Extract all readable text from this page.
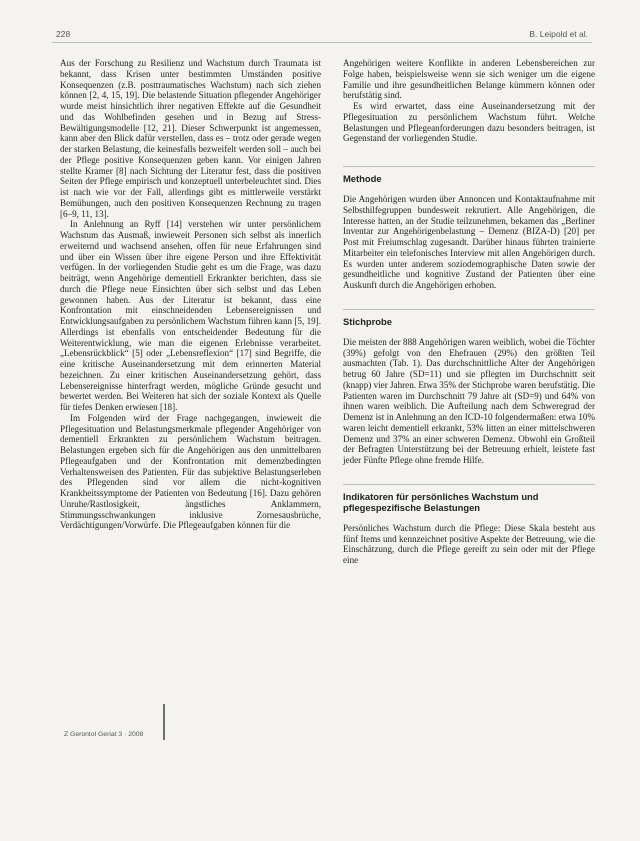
228	B. Leipold et al.

Aus der Forschung zu Resilienz und Wachstum durch Traumata ist bekannt, dass Krisen unter bestimmten Umständen positive Konsequenzen (z.B. posttraumatisches Wachstum) nach sich ziehen können [2, 4, 15, 19]. Die belastende Situation pflegender Angehöriger wurde meist hinsichtlich ihrer negativen Effekte auf die Gesundheit und das Wohlbefinden gesehen und in Bezug auf Stress-Bewältigungsmodelle [12, 21]. Dieser Schwerpunkt ist angemessen, kann aber den Blick dafür verstellen, dass es – trotz oder gerade wegen der starken Belastung, die keinesfalls bezweifelt werden soll – auch bei der Pflege positive Konsequenzen geben kann. Vor einigen Jahren stellte Kramer [8] nach Sichtung der Literatur fest, dass die positiven Seiten der Pflege empirisch und konzeptuell unterbeleuchtet sind. Dies ist nach wie vor der Fall, allerdings gibt es mittlerweile verstärkt Bemühungen, auch den positiven Konsequenzen Rechnung zu tragen [6–9, 11, 13].

In Anlehnung an Ryff [14] verstehen wir unter persönlichem Wachstum das Ausmaß, inwieweit Personen sich selbst als innerlich erweiternd und wachsend ansehen, offen für neue Erfahrungen sind und über ein Wissen über ihre eigene Person und ihre Effektivität verfügen. In der vorliegenden Studie geht es um die Frage, was dazu beiträgt, wenn Angehörige dementiell Erkrankter berichten, dass sie durch die Pflege neue Einsichten über sich selbst und das Leben gewonnen haben. Aus der Literatur ist bekannt, dass eine Konfrontation mit einschneidenden Lebensereignissen und Entwicklungsaufgaben zu persönlichem Wachstum führen kann [5, 19]. Allerdings ist ebenfalls von entscheidender Bedeutung für die Weiterentwicklung, wie man die eigenen Erlebnisse verarbeitet. „Lebensrückblick“ [5] oder „Lebensreflexion“ [17] sind Begriffe, die eine kritische Auseinandersetzung mit dem erinnerten Material bezeichnen. Zu einer kritischen Auseinandersetzung gehört, dass Lebensereignisse hinterfragt werden, mögliche Gründe gesucht und bewertet werden. Bei Weiteren hat sich der soziale Kontext als Quelle für tiefes Denken erwiesen [18].

Im Folgenden wird der Frage nachgegangen, inwieweit die Pflegesituation und Belastungsmerkmale pflegender Angehöriger von dementiell Erkrankten zu persönlichem Wachstum beitragen. Belastungen ergeben sich für die Angehörigen aus den unmittelbaren Pflegeaufgaben und der Konfrontation mit demenzbedingten Verhaltensweisen des Patienten. Für das subjektive Belastungserleben des Pflegenden sind vor allem die nicht-kognitiven Krankheitssymptome der Patienten von Bedeutung [16]. Dazu gehören Unruhe/Rastlosigkeit, ängstliches Anklammern, Stimmungsschwankungen inklusive Zornesausbrüche, Verdächtigungen/Vorwürfe. Die Pflegeaufgaben können für die

Angehörigen weitere Konflikte in anderen Lebensbereichen zur Folge haben, beispielsweise wenn sie sich weniger um die eigene Familie und ihre gesundheitlichen Belange kümmern können oder berufstätig sind.

Es wird erwartet, dass eine Auseinandersetzung mit der Pflegesituation zu persönlichem Wachstum führt. Welche Belastungen und Pflegeanforderungen dazu besonders beitragen, ist Gegenstand der vorliegenden Studie.

Methode

Die Angehörigen wurden über Annoncen und Kontaktaufnahme mit Selbsthilfegruppen bundesweit rekrutiert. Alle Angehörigen, die Interesse hatten, an der Studie teilzunehmen, bekamen das „Berliner Inventar zur Angehörigenbelastung – Demenz (BIZA-D) [20] per Post mit Freiumschlag zugesandt. Darüber hinaus führten trainierte Mitarbeiter ein telefonisches Interview mit allen Angehörigen durch. Es wurden unter anderem soziodemographische Daten sowie der gesundheitliche und kognitive Zustand der Patienten über eine Auskunft durch die Angehörigen erhoben.

Stichprobe

Die meisten der 888 Angehörigen waren weiblich, wobei die Töchter (39%) gefolgt von den Ehefrauen (29%) den größten Teil ausmachten (Tab. 1). Das durchschnittliche Alter der Angehörigen betrug 60 Jahre (SD=11) und sie pflegten im Durchschnitt seit (knapp) vier Jahren. Etwa 35% der Stichprobe waren berufstätig. Die Patienten waren im Durchschnitt 79 Jahre alt (SD=9) und 64% von ihnen waren weiblich. Die Aufteilung nach dem Schweregrad der Demenz ist in Anlehnung an den ICD-10 folgendermaßen: etwa 10% waren leicht dementiell erkrankt, 53% litten an einer mittelschweren Demenz und 37% an einer schweren Demenz. Obwohl ein Großteil der Befragten Unterstützung bei der Betreuung erhielt, leistete fast jeder Fünfte Pflege ohne fremde Hilfe.

Indikatoren für persönliches Wachstum und pflegespezifische Belastungen

Persönliches Wachstum durch die Pflege: Diese Skala besteht aus fünf Items und kennzeichnet positive Aspekte der Betreuung, wie die Einschätzung, durch die Pflege gereift zu sein oder mit der Pflege eine

Z Gerontol Geriat 3 · 2008
